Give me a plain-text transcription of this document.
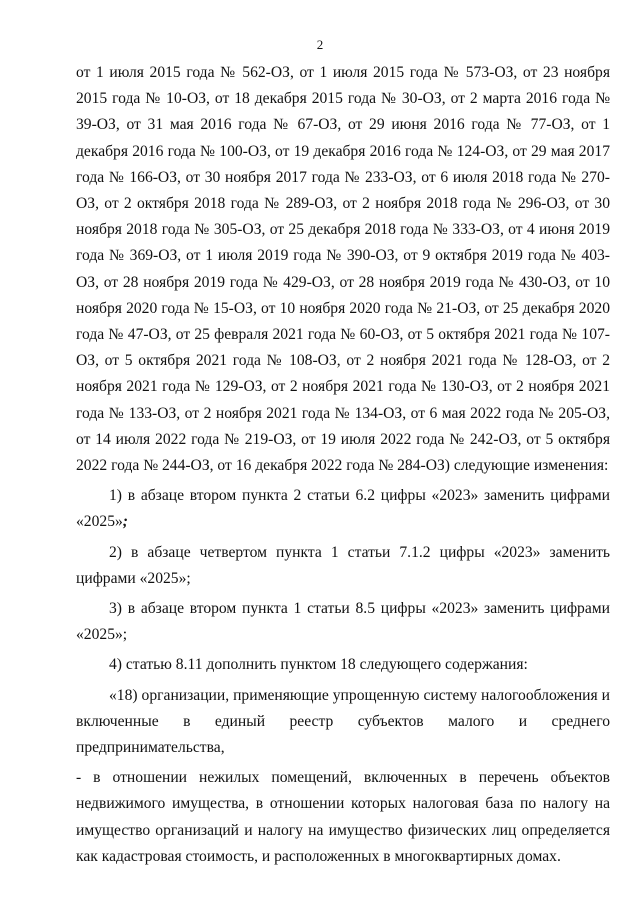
2

от 1 июля 2015 года № 562-ОЗ, от 1 июля 2015 года № 573-ОЗ, от 23 ноября 2015 года № 10-ОЗ, от 18 декабря 2015 года № 30-ОЗ, от 2 марта 2016 года № 39-ОЗ, от 31 мая 2016 года № 67-ОЗ, от 29 июня 2016 года № 77-ОЗ, от 1 декабря 2016 года № 100-ОЗ, от 19 декабря 2016 года № 124-ОЗ, от 29 мая 2017 года № 166-ОЗ, от 30 ноября 2017 года № 233-ОЗ, от 6 июля 2018 года № 270-ОЗ, от 2 октября 2018 года № 289-ОЗ, от 2 ноября 2018 года № 296-ОЗ, от 30 ноября 2018 года № 305-ОЗ, от 25 декабря 2018 года № 333-ОЗ, от 4 июня 2019 года № 369-ОЗ, от 1 июля 2019 года № 390-ОЗ, от 9 октября 2019 года № 403-ОЗ, от 28 ноября 2019 года № 429-ОЗ, от 28 ноября 2019 года № 430-ОЗ, от 10 ноября 2020 года № 15-ОЗ, от 10 ноября 2020 года № 21-ОЗ, от 25 декабря 2020 года № 47-ОЗ, от 25 февраля 2021 года № 60-ОЗ, от 5 октября 2021 года № 107-ОЗ, от 5 октября 2021 года № 108-ОЗ, от 2 ноября 2021 года № 128-ОЗ, от 2 ноября 2021 года № 129-ОЗ, от 2 ноября 2021 года № 130-ОЗ, от 2 ноября 2021 года № 133-ОЗ, от 2 ноября 2021 года № 134-ОЗ, от 6 мая 2022 года № 205-ОЗ, от 14 июля 2022 года № 219-ОЗ, от 19 июля 2022 года № 242-ОЗ, от 5 октября 2022 года № 244-ОЗ, от 16 декабря 2022 года № 284-ОЗ) следующие изменения:

1) в абзаце втором пункта 2 статьи 6.2 цифры «2023» заменить цифрами «2025»;

2) в абзаце четвертом пункта 1 статьи 7.1.2 цифры «2023» заменить цифрами «2025»;

3) в абзаце втором пункта 1 статьи 8.5 цифры «2023» заменить цифрами «2025»;

4) статью 8.11 дополнить пунктом 18 следующего содержания:

«18) организации, применяющие упрощенную систему налогообложения и включенные в единый реестр субъектов малого и среднего предпринимательства,

- в отношении нежилых помещений, включенных в перечень объектов недвижимого имущества, в отношении которых налоговая база по налогу на имущество организаций и налогу на имущество физических лиц определяется как кадастровая стоимость, и расположенных в многоквартирных домах.
